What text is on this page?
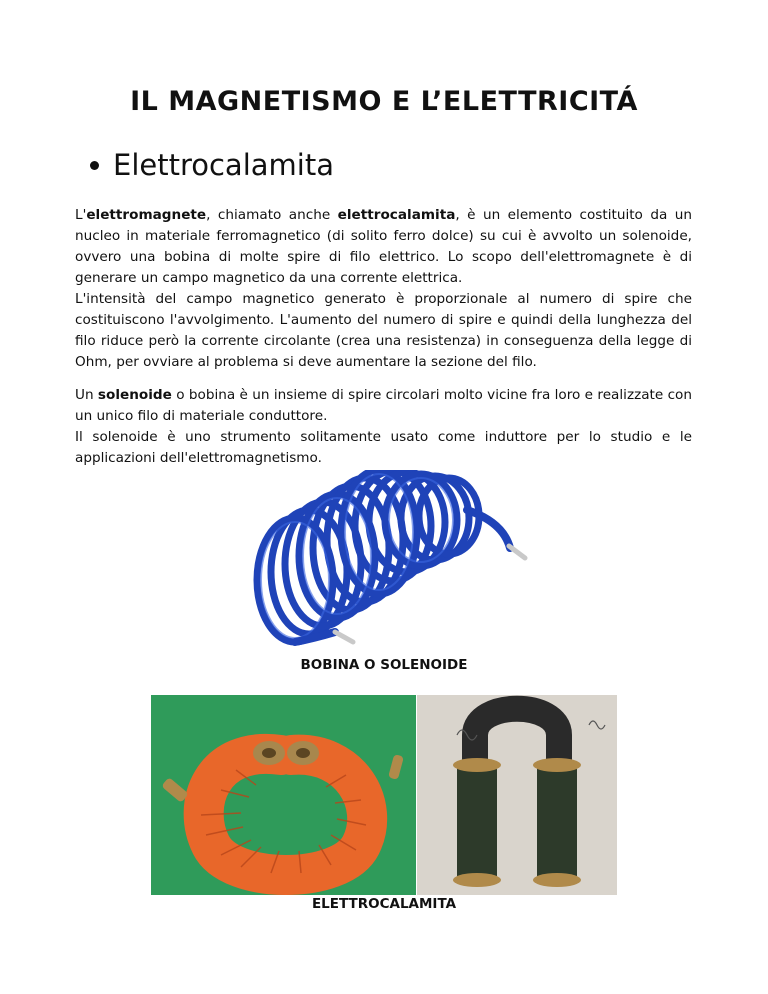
IL MAGNETISMO E L’ELETTRICITÁ
Elettrocalamita

L'elettromagnete, chiamato anche elettrocalamita, è un elemento costituito da un nucleo in materiale ferromagnetico (di solito ferro dolce) su cui è avvolto un solenoide, ovvero una bobina di molte spire di filo elettrico. Lo scopo dell'elettromagnete è di generare un campo magnetico da una corrente elettrica.
L'intensità del campo magnetico generato è proporzionale al numero di spire che costituiscono l'avvolgimento. L'aumento del numero di spire e quindi della lunghezza del filo riduce però la corrente circolante (crea una resistenza) in conseguenza della legge di Ohm, per ovviare al problema si deve aumentare la sezione del filo.

Un solenoide o bobina è un insieme di spire circolari molto vicine fra loro e realizzate con un unico filo di materiale conduttore.
Il solenoide è uno strumento solitamente usato come induttore per lo studio e le applicazioni dell'elettromagnetismo.

BOBINA O SOLENOIDE

ELETTROCALAMITA
